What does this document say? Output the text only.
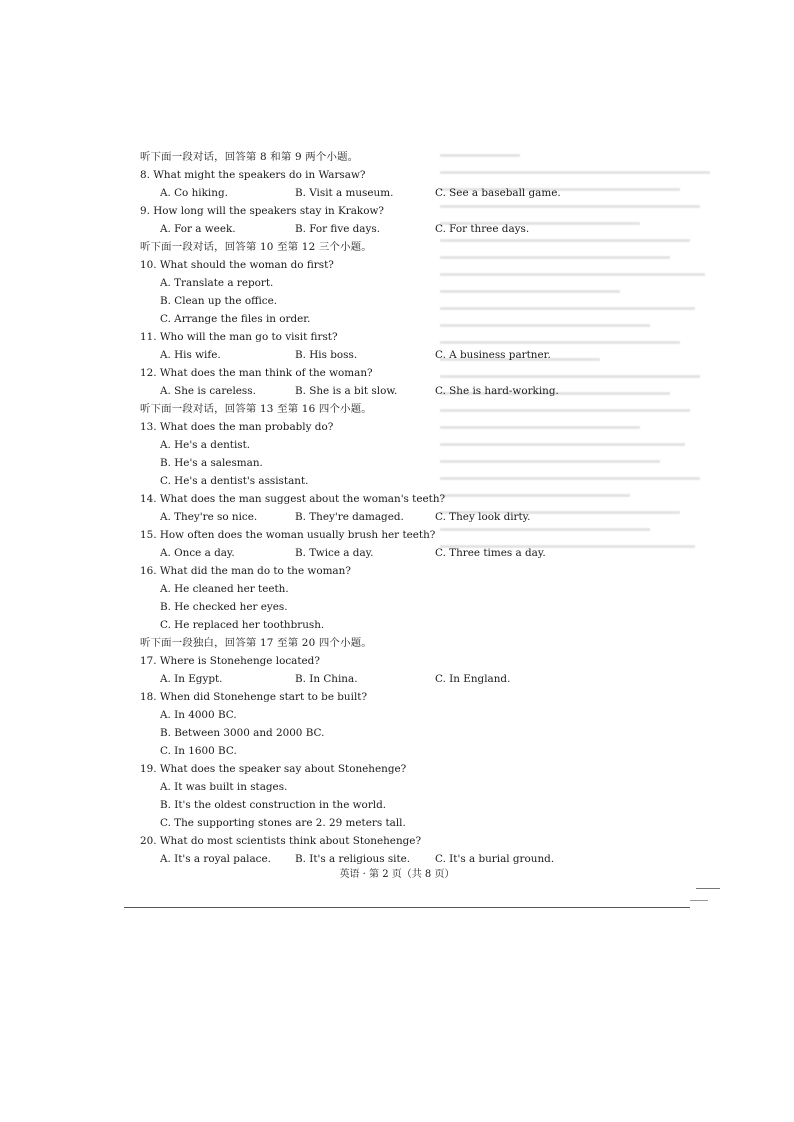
听下面一段对话，回答第 8 和第 9 两个小题。
8. What might the speakers do in Warsaw?
A. Co hiking.	B. Visit a museum.	C. See a baseball game.
9. How long will the speakers stay in Krakow?
A. For a week.	B. For five days.	C. For three days.
听下面一段对话，回答第 10 至第 12 三个小题。
10. What should the woman do first?
A. Translate a report.
B. Clean up the office.
C. Arrange the files in order.
11. Who will the man go to visit first?
A. His wife.	B. His boss.	C. A business partner.
12. What does the man think of the woman?
A. She is careless.	B. She is a bit slow.	C. She is hard-working.
听下面一段对话，回答第 13 至第 16 四个小题。
13. What does the man probably do?
A. He's a dentist.
B. He's a salesman.
C. He's a dentist's assistant.
14. What does the man suggest about the woman's teeth?
A. They're so nice.	B. They're damaged.	C. They look dirty.
15. How often does the woman usually brush her teeth?
A. Once a day.	B. Twice a day.	C. Three times a day.
16. What did the man do to the woman?
A. He cleaned her teeth.
B. He checked her eyes.
C. He replaced her toothbrush.
听下面一段独白，回答第 17 至第 20 四个小题。
17. Where is Stonehenge located?
A. In Egypt.	B. In China.	C. In England.
18. When did Stonehenge start to be built?
A. In 4000 BC.
B. Between 3000 and 2000 BC.
C. In 1600 BC.
19. What does the speaker say about Stonehenge?
A. It was built in stages.
B. It's the oldest construction in the world.
C. The supporting stones are 2. 29 meters tall.
20. What do most scientists think about Stonehenge?
A. It's a royal palace.	B. It's a religious site.	C. It's a burial ground.
英语 · 第 2 页（共 8 页）
